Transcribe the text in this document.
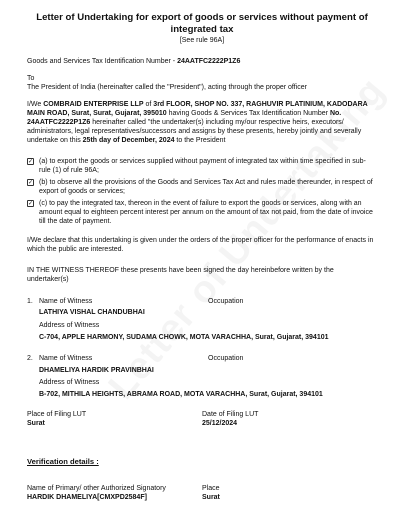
Letter of Undertaking for export of goods or services without payment of integrated tax
[See rule 96A]
Goods and Services Tax Identification Number - 24AATFC2222P1Z6
To
The President of India (hereinafter called the "President"), acting through the proper officer
I/We COMBRAID ENTERPRISE LLP of 3rd FLOOR, SHOP NO. 337, RAGHUVIR PLATINIUM, KADODARA MAIN ROAD, Surat, Surat, Gujarat, 395010 having Goods & Services Tax Identification Number No. 24AATFC2222P1Z6 hereinafter called "the undertaker(s) including my/our respective heirs, executors/ administrators, legal representatives/successors and assigns by these presents, hereby jointly and severally undertake on this 25th day of December, 2024 to the President
✓ (a) to export the goods or services supplied without payment of integrated tax within time specified in sub-rule (1) of rule 96A;
✓ (b) to observe all the provisions of the Goods and Services Tax Act and rules made thereunder, in respect of export of goods or services;
✓ (c) to pay the integrated tax, thereon in the event of failure to export the goods or services, along with an amount equal to eighteen percent interest per annum on the amount of tax not paid, from the date of invoice till the date of payment.
I/We declare that this undertaking is given under the orders of the proper officer for the performance of enacts in which the public are interested.
IN THE WITNESS THEREOF these presents have been signed the day hereinbefore written by the undertaker(s)
1. Name of Witness	Occupation
LATHIYA VISHAL CHANDUBHAI
Address of Witness
C-704, APPLE HARMONY, SUDAMA CHOWK, MOTA VARACHHA, Surat, Gujarat, 394101
2. Name of Witness	Occupation
DHAMELIYA HARDIK PRAVINBHAI
Address of Witness
B-702, MITHILA HEIGHTS, ABRAMA ROAD, MOTA VARACHHA, Surat, Gujarat, 394101
Place of Filing LUT
Surat
Date of Filing LUT
25/12/2024
Verification details :
Name of Primary/ other Authorized Signatory
HARDIK DHAMELIYA[CMXPD2584F]
Place
Surat
